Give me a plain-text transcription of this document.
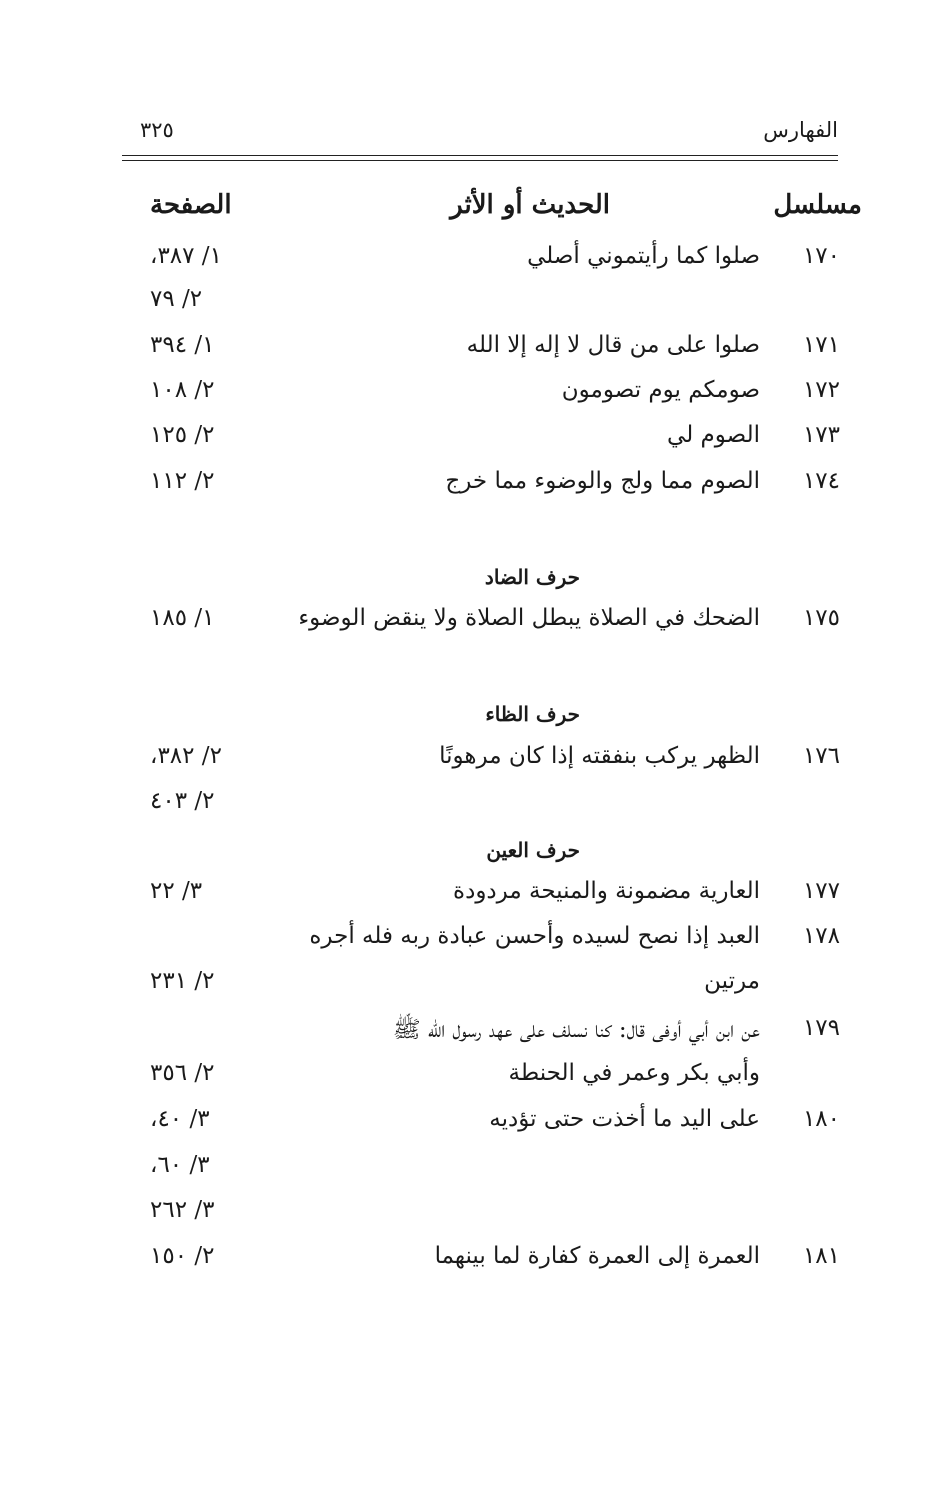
الفهارس
٣٢٥
مسلسل
الحديث أو الأثر
الصفحة
١٧٠
صلوا كما رأيتموني أصلي
١/ ٣٨٧،
٢/ ٧٩
١٧١
صلوا على من قال لا إله إلا الله
١/ ٣٩٤
١٧٢
صومكم يوم تصومون
٢/ ١٠٨
١٧٣
الصوم لي
٢/ ١٢٥
١٧٤
الصوم مما ولج والوضوء مما خرج
٢/ ١١٢
حرف الضاد
١٧٥
الضحك في الصلاة يبطل الصلاة ولا ينقض الوضوء
١/ ١٨٥
حرف الظاء
١٧٦
الظهر يركب بنفقته إذا كان مرهونًا
٢/ ٣٨٢،
٢/ ٤٠٣
حرف العين
١٧٧
العارية مضمونة والمنيحة مردودة
٣/ ٢٢
١٧٨
العبد إذا نصح لسيده وأحسن عبادة ربه فله أجره
مرتين
٢/ ٢٣١
١٧٩
عن ابن أبي أوفى قال: كنا نسلف على عهد رسول الله ﷺ
وأبي بكر وعمر في الحنطة
٢/ ٣٥٦
١٨٠
على اليد ما أخذت حتى تؤديه
٣/ ٤٠،
٣/ ٦٠،
٣/ ٢٦٢
١٨١
العمرة إلى العمرة كفارة لما بينهما
٢/ ١٥٠
